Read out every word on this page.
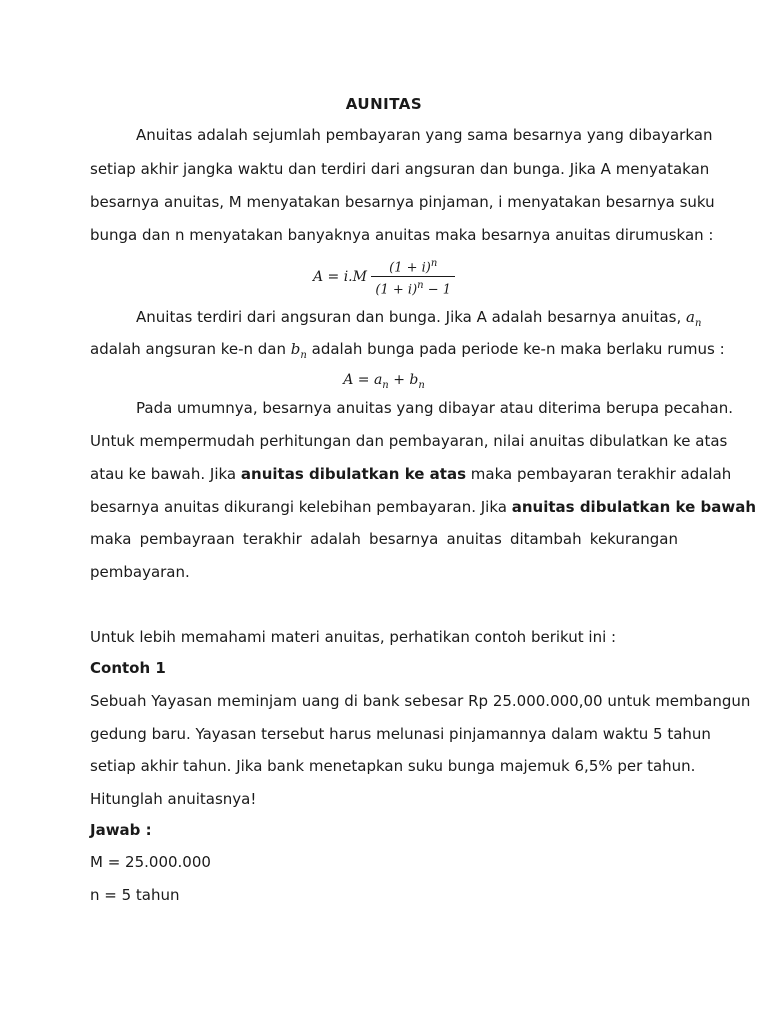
AUNITAS
Anuitas adalah sejumlah pembayaran yang sama besarnya yang dibayarkan
setiap akhir jangka waktu dan terdiri dari angsuran dan bunga. Jika A menyatakan
besarnya anuitas, M menyatakan besarnya pinjaman, i menyatakan besarnya suku
bunga dan n menyatakan banyaknya anuitas maka besarnya anuitas dirumuskan :
$A = i.M \frac{(1 + i)^n}{(1 + i)^n - 1}$
Anuitas terdiri dari angsuran dan bunga. Jika A adalah besarnya anuitas, $a_n$
adalah angsuran ke-n dan $b_n$ adalah bunga pada periode ke-n maka berlaku rumus :
$A = a_n + b_n$
Pada umumnya, besarnya anuitas yang dibayar atau diterima berupa pecahan.
Untuk mempermudah perhitungan dan pembayaran, nilai anuitas dibulatkan ke atas
atau ke bawah. Jika anuitas dibulatkan ke atas maka pembayaran terakhir adalah
besarnya anuitas dikurangi kelebihan pembayaran. Jika anuitas dibulatkan ke bawah
maka pembayraan terakhir adalah besarnya anuitas ditambah kekurangan
pembayaran.
Untuk lebih memahami materi anuitas, perhatikan contoh berikut ini :
Contoh 1
Sebuah Yayasan meminjam uang di bank sebesar Rp 25.000.000,00 untuk membangun
gedung baru. Yayasan tersebut harus melunasi pinjamannya dalam waktu 5 tahun
setiap akhir tahun. Jika bank menetapkan suku bunga majemuk 6,5% per tahun.
Hitunglah anuitasnya!
Jawab :
M = 25.000.000
n = 5 tahun
